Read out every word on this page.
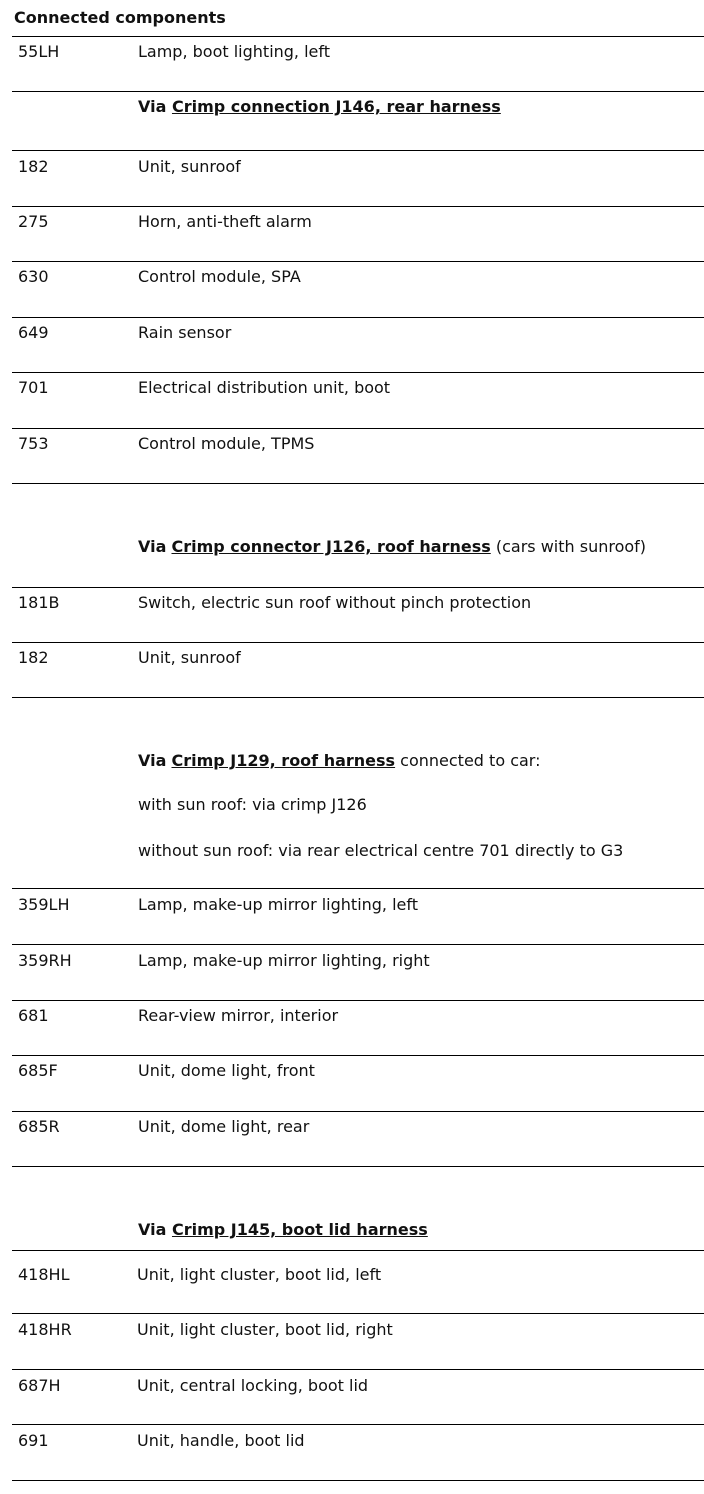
Connected components
55LH	Lamp, boot lighting, left
Via Crimp connection J146, rear harness
182	Unit, sunroof
275	Horn, anti-theft alarm
630	Control module, SPA
649	Rain sensor
701	Electrical distribution unit, boot
753	Control module, TPMS
Via Crimp connector J126, roof harness (cars with sunroof)
181B	Switch, electric sun roof without pinch protection
182	Unit, sunroof
Via Crimp J129, roof harness connected to car:
with sun roof: via crimp J126
without sun roof: via rear electrical centre 701 directly to G3
359LH	Lamp, make-up mirror lighting, left
359RH	Lamp, make-up mirror lighting, right
681	Rear-view mirror, interior
685F	Unit, dome light, front
685R	Unit, dome light, rear
Via Crimp J145, boot lid harness
418HL	Unit, light cluster, boot lid, left
418HR	Unit, light cluster, boot lid, right
687H	Unit, central locking, boot lid
691	Unit, handle, boot lid
